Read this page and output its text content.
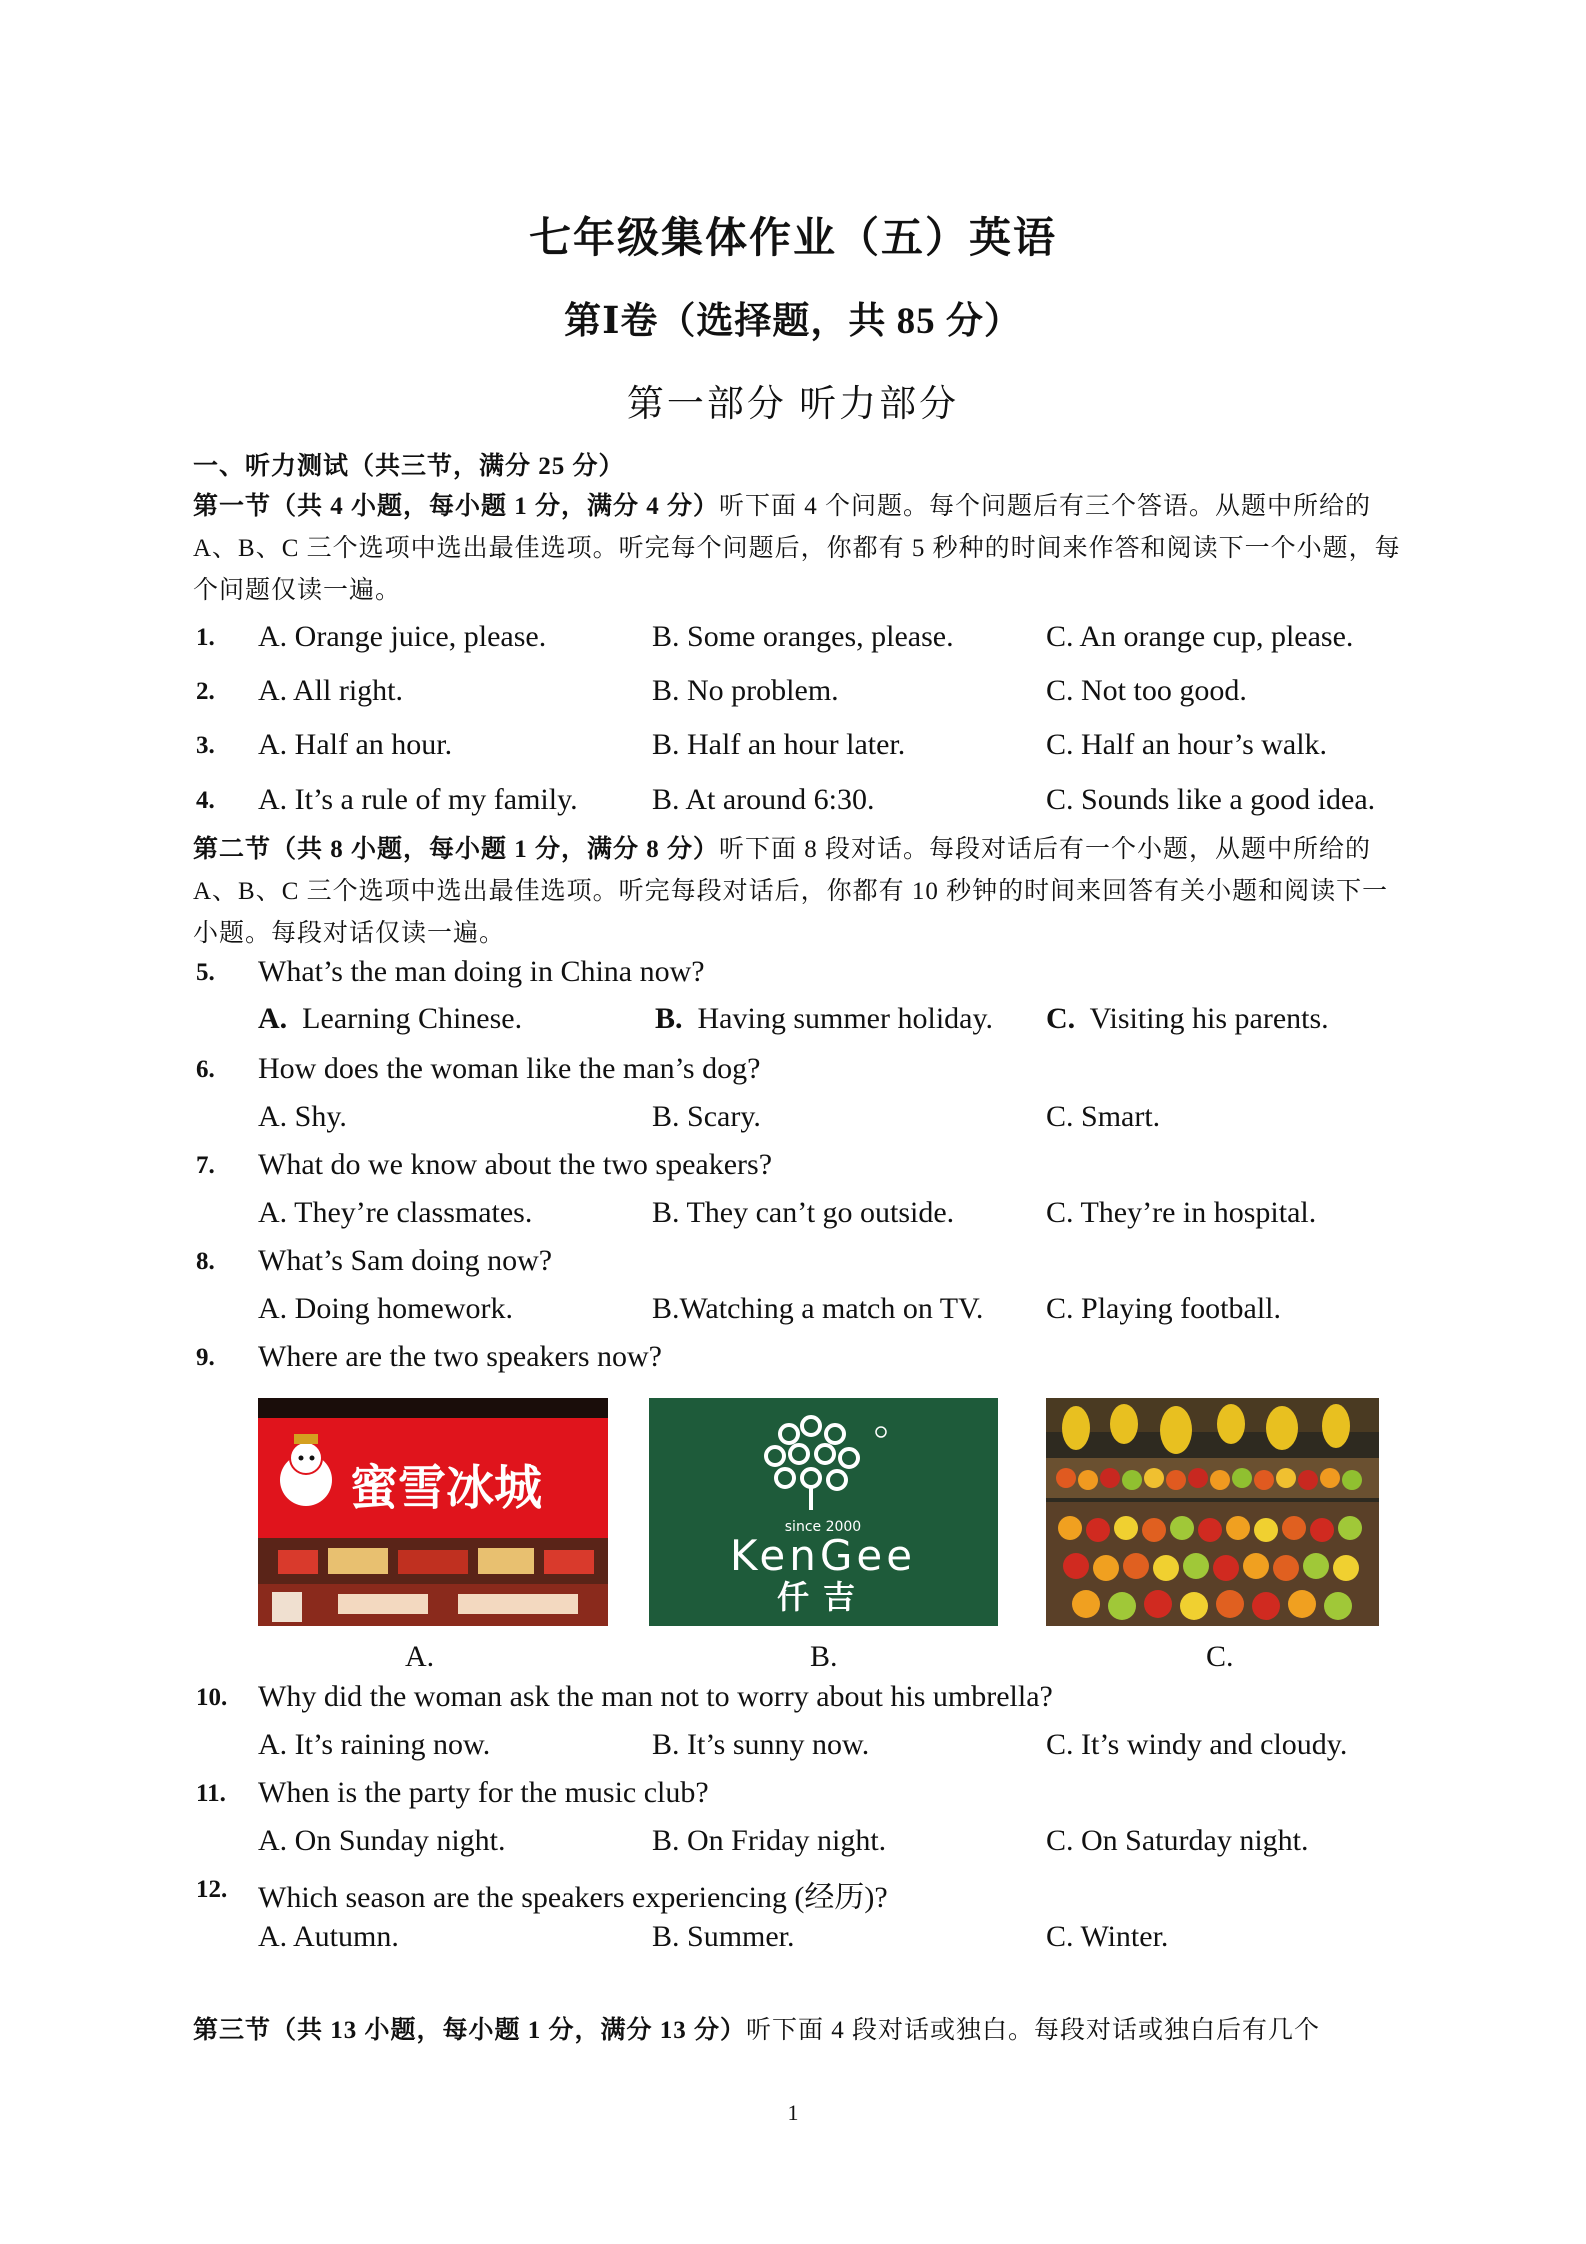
七年级集体作业（五）英语
第Ⅰ卷（选择题，共 85 分）
第一部分 听力部分
一、听力测试（共三节，满分 25 分）
第一节（共 4 小题，每小题 1 分，满分 4 分）听下面 4 个问题。每个问题后有三个答语。从题中所给的 A、B、C 三个选项中选出最佳选项。听完每个问题后，你都有 5 秒种的时间来作答和阅读下一个小题，每个问题仅读一遍。
1. A. Orange juice, please.	B. Some oranges, please.	C. An orange cup, please.
2. A. All right.	B. No problem.	C. Not too good.
3. A. Half an hour.	B. Half an hour later.	C. Half an hour’s walk.
4. A. It’s a rule of my family. B. At around 6:30.	C. Sounds like a good idea.
第二节（共 8 小题，每小题 1 分，满分 8 分）听下面 8 段对话。每段对话后有一个小题，从题中所给的 A、B、C 三个选项中选出最佳选项。听完每段对话后，你都有 10 秒钟的时间来回答有关小题和阅读下一小题。每段对话仅读一遍。
5. What’s the man doing in China now?
A. Learning Chinese.	B. Having summer holiday. C. Visiting his parents.
6. How does the woman like the man’s dog?
A. Shy.	B. Scary.	C. Smart.
7. What do we know about the two speakers?
A. They’re classmates.	B. They can’t go outside.	C. They’re in hospital.
8. What’s Sam doing now?
A. Doing homework.	B.Watching a match on TV. C. Playing football.
9. Where are the two speakers now?
蜜雪冰城
since 2000
KenGee
仟吉
A.	B.	C.
10. Why did the woman ask the man not to worry about his umbrella?
A. It’s raining now.	B. It’s sunny now.	C. It’s windy and cloudy.
11. When is the party for the music club?
A. On Sunday night.	B. On Friday night.	C. On Saturday night.
12. Which season are the speakers experiencing (经历)?
A. Autumn.	B. Summer.	C. Winter.
第三节（共 13 小题，每小题 1 分，满分 13 分）听下面 4 段对话或独白。每段对话或独白后有几个
1
